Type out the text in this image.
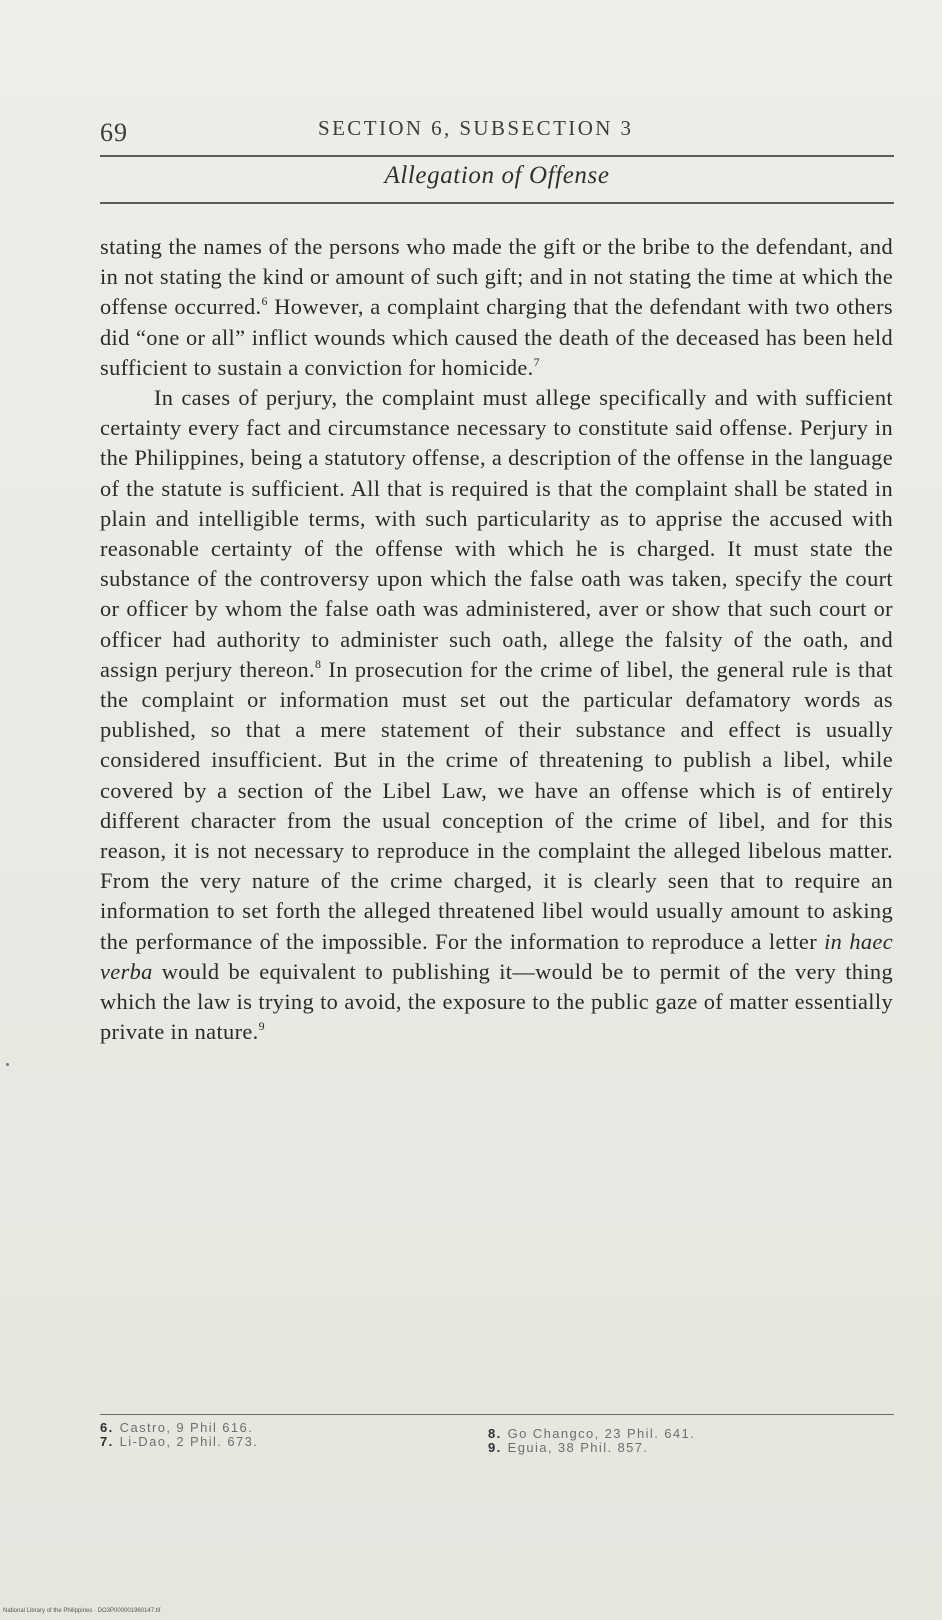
69	SECTION 6, SUBSECTION 3
Allegation of Offense

stating the names of the persons who made the gift or the bribe to the defendant, and in not stating the kind or amount of such gift; and in not stating the time at which the offense occurred.$^6$ However, a complaint charging that the defendant with two others did “one or all” inflict wounds which caused the death of the deceased has been held sufficient to sustain a conviction for homicide.$^7$

In cases of perjury, the complaint must allege specifically and with sufficient certainty every fact and circumstance necessary to constitute said offense. Perjury in the Philippines, being a statutory offense, a description of the offense in the language of the statute is sufficient. All that is required is that the complaint shall be stated in plain and intelligible terms, with such particularity as to apprise the accused with reasonable certainty of the offense with which he is charged. It must state the substance of the controversy upon which the false oath was taken, specify the court or officer by whom the false oath was administered, aver or show that such court or officer had authority to administer such oath, allege the falsity of the oath, and assign perjury thereon.$^8$ In prosecution for the crime of libel, the general rule is that the complaint or information must set out the particular defamatory words as published, so that a mere statement of their substance and effect is usually considered insufficient. But in the crime of threatening to publish a libel, while covered by a section of the Libel Law, we have an offense which is of entirely different character from the usual conception of the crime of libel, and for this reason, it is not necessary to reproduce in the complaint the alleged libelous matter. From the very nature of the crime charged, it is clearly seen that to require an information to set forth the alleged threatened libel would usually amount to asking the performance of the impossible. For the information to reproduce a letter in haec verba would be equivalent to publishing it—would be to permit of the very thing which the law is trying to avoid, the exposure to the public gaze of matter essentially private in nature.$^9$

6. Castro, 9 Phil 616.
7. Li-Dao, 2 Phil. 673.
8. Go Changco, 23 Phil. 641.
9. Eguia, 38 Phil. 857.
National Library of the Philippines · DO3P000001960147.tif
